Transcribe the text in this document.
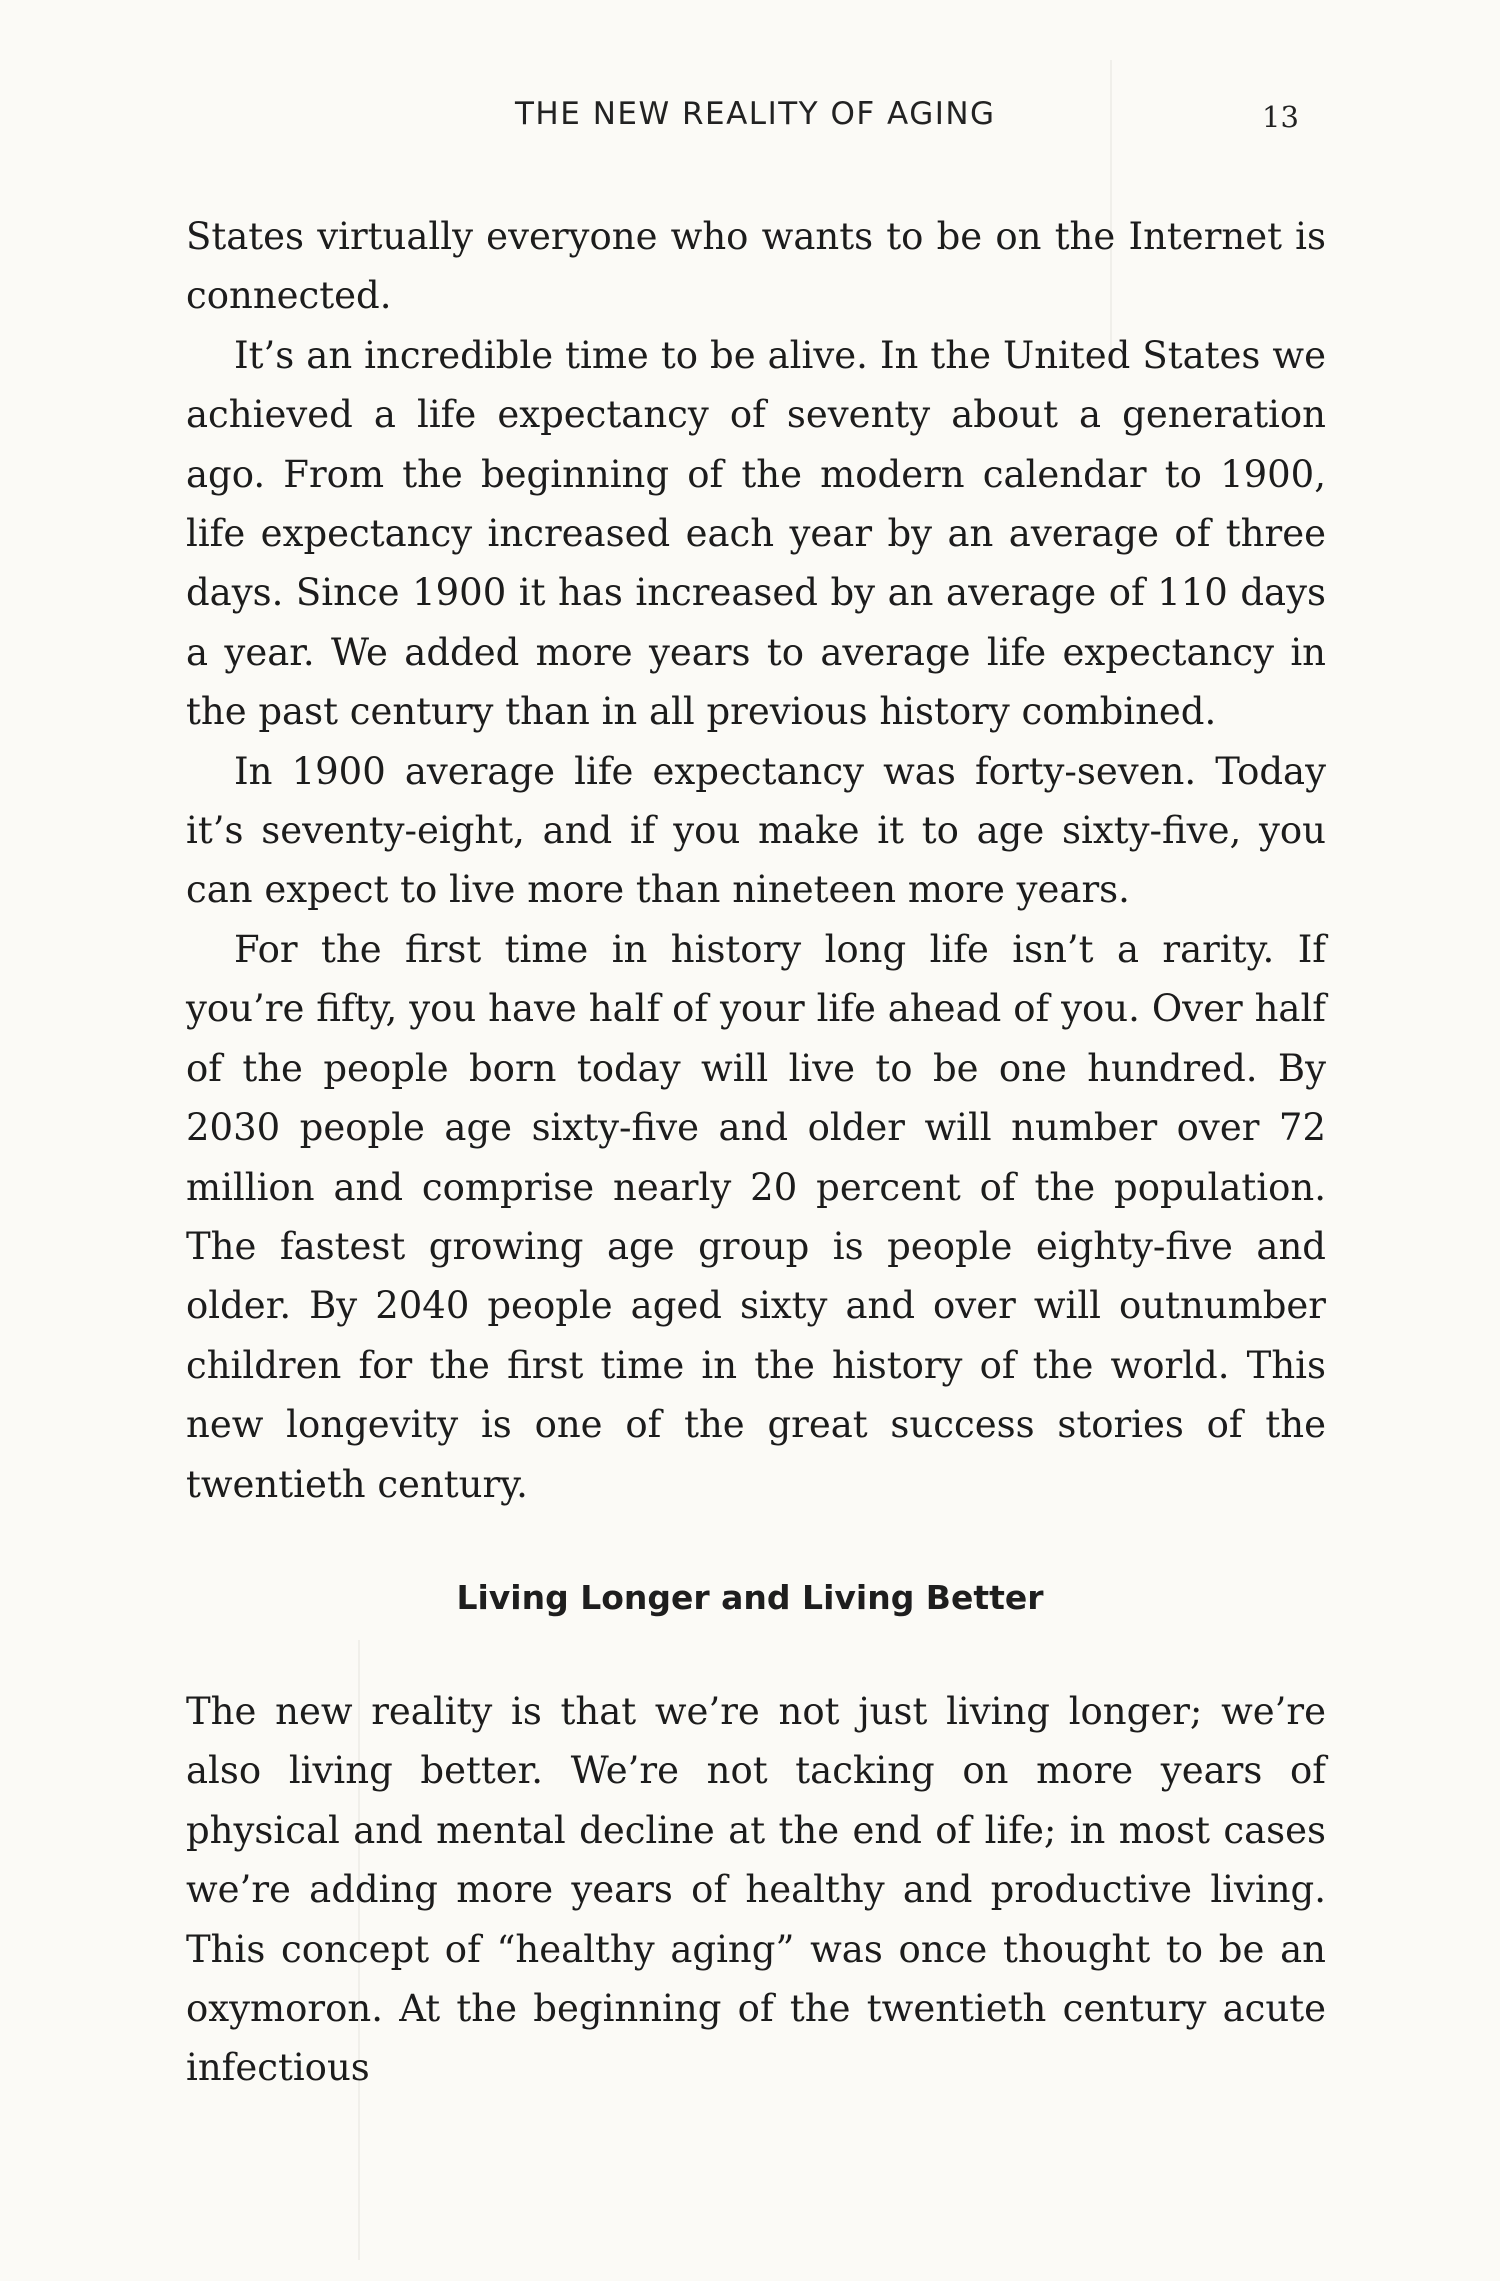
THE NEW REALITY OF AGING	13

States virtually everyone who wants to be on the Internet is connected.

It’s an incredible time to be alive. In the United States we achieved a life expectancy of seventy about a generation ago. From the beginning of the modern calendar to 1900, life expectancy increased each year by an average of three days. Since 1900 it has increased by an average of 110 days a year. We added more years to average life expectancy in the past century than in all previous history combined.

In 1900 average life expectancy was forty-seven. Today it’s seventy-eight, and if you make it to age sixty-five, you can expect to live more than nineteen more years.

For the first time in history long life isn’t a rarity. If you’re fifty, you have half of your life ahead of you. Over half of the people born today will live to be one hundred. By 2030 people age sixty-five and older will number over 72 million and comprise nearly 20 percent of the population. The fastest growing age group is people eighty-five and older. By 2040 people aged sixty and over will outnumber children for the first time in the history of the world. This new longevity is one of the great success stories of the twentieth century.

Living Longer and Living Better

The new reality is that we’re not just living longer; we’re also living better. We’re not tacking on more years of physical and mental decline at the end of life; in most cases we’re adding more years of healthy and productive living. This concept of “healthy aging” was once thought to be an oxymoron. At the beginning of the twentieth century acute infectious
